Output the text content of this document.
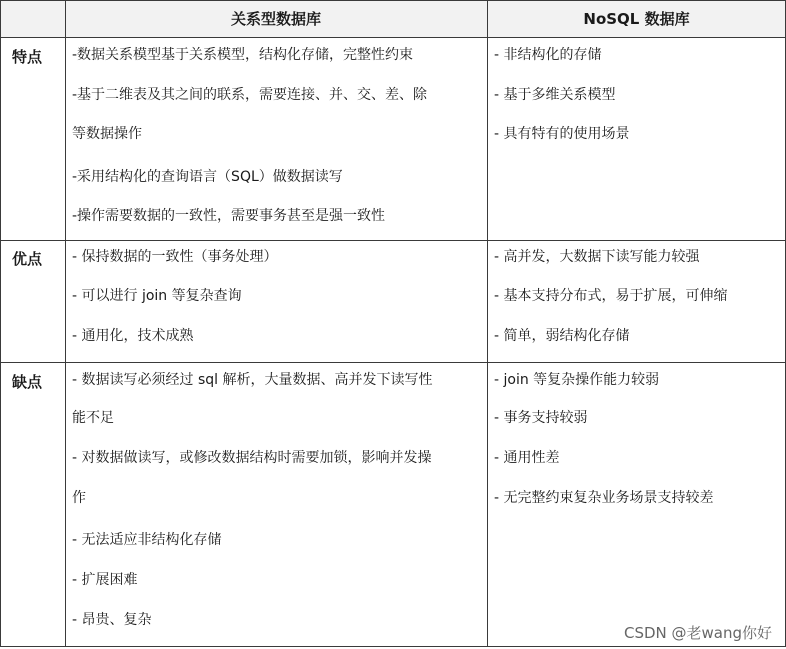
关系型数据库	NoSQL 数据库
特点 -数据关系模型基于关系模型，结构化存储，完整性约束
-基于二维表及其之间的联系，需要连接、并、交、差、除
等数据操作
-采用结构化的查询语言（SQL）做数据读写
-操作需要数据的一致性，需要事务甚至是强一致性
- 非结构化的存储
- 基于多维关系模型
- 具有特有的使用场景
优点 - 保持数据的一致性（事务处理）
- 可以进行 join 等复杂查询
- 通用化，技术成熟
- 高并发，大数据下读写能力较强
- 基本支持分布式，易于扩展，可伸缩
- 简单，弱结构化存储
缺点 - 数据读写必须经过 sql 解析，大量数据、高并发下读写性
能不足
- 对数据做读写，或修改数据结构时需要加锁，影响并发操
作
- 无法适应非结构化存储
- 扩展困难
- 昂贵、复杂
- join 等复杂操作能力较弱
- 事务支持较弱
- 通用性差
- 无完整约束复杂业务场景支持较差
CSDN @老wang你好
